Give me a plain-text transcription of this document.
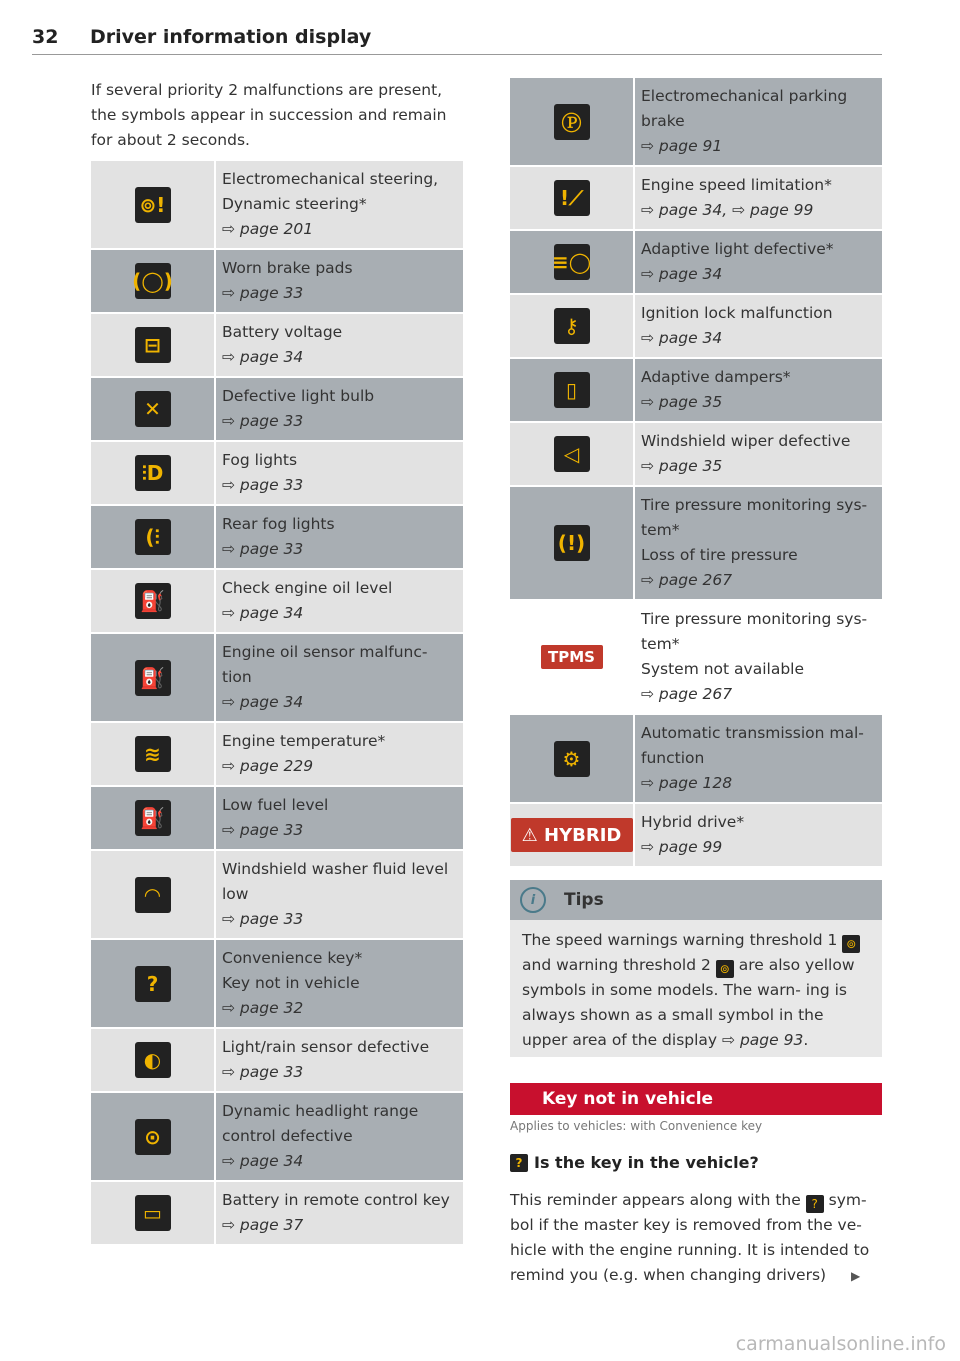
32 Driver information display

If several priority 2 malfunctions are present, the symbols appear in succession and remain for about 2 seconds.

⊚!
Electromechanical steering,
Dynamic steering*
⇨ page 201
(◯)
Worn brake pads
⇨ page 33
⊟
Battery voltage
⇨ page 34
✕
Defective light bulb
⇨ page 33
⫶D
Fog lights
⇨ page 33
(⫶
Rear fog lights
⇨ page 33
⛽
Check engine oil level
⇨ page 34
⛽
Engine oil sensor malfunc-
tion
⇨ page 34
≋
Engine temperature*
⇨ page 229
⛽
Low fuel level
⇨ page 33
◠
Windshield washer fluid level
low
⇨ page 33
?
Convenience key*
Key not in vehicle
⇨ page 32
◐
Light/rain sensor defective
⇨ page 33
⊙
Dynamic headlight range
control defective
⇨ page 34
▭
Battery in remote control key
⇨ page 37
Ⓟ
Electromechanical parking
brake
⇨ page 91
!⟋
Engine speed limitation*
⇨ page 34, ⇨ page 99
≡◯
Adaptive light defective*
⇨ page 34
⚷
Ignition lock malfunction
⇨ page 34
▯
Adaptive dampers*
⇨ page 35
◁
Windshield wiper defective
⇨ page 35
(!)
Tire pressure monitoring sys-
tem*
Loss of tire pressure
⇨ page 267
TPMS
Tire pressure monitoring sys-
tem*
System not available
⇨ page 267
⚙
Automatic transmission mal-
function
⇨ page 128
⚠ HYBRID
Hybrid drive*
⇨ page 99
i	Tips
The speed warnings warning threshold 1 ⊚ and warning threshold 2 ⊚ are also yellow symbols in some models. The warn- ing is always shown as a small symbol in the upper area of the display ⇨ page 93.
Key not in vehicle
Applies to vehicles: with Convenience key
? Is the key in the vehicle?
This reminder appears along with the ? sym- bol if the master key is removed from the ve- hicle with the engine running. It is intended to remind you (e.g. when changing drivers) ▶
carmanualsonline.info
